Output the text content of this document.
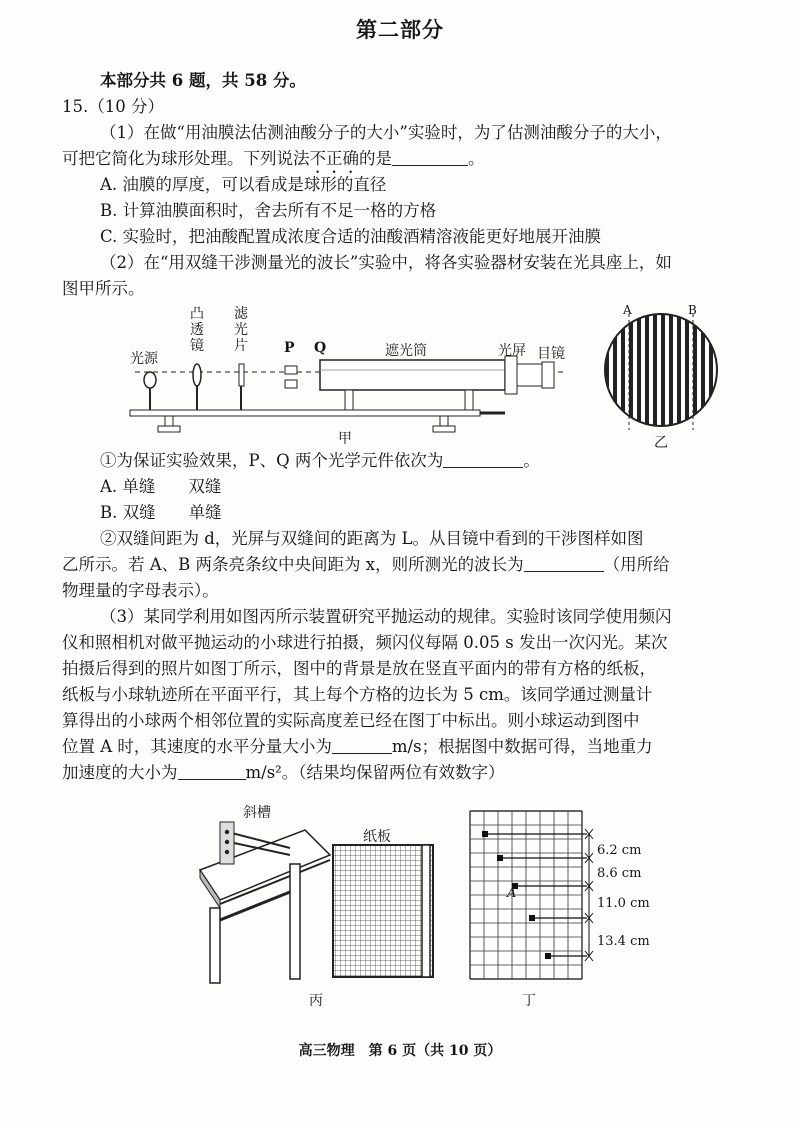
第二部分
本部分共 6 题，共 58 分。
15.（10 分）
（1）在做“用油膜法估测油酸分子的大小”实验时，为了估测油酸分子的大小，
可把它简化为球形处理。下列说法不正确的是	。
A. 油膜的厚度，可以看成是球形的直径
B. 计算油膜面积时，舍去所有不足一格的方格
C. 实验时，把油酸配置成浓度合适的油酸酒精溶液能更好地展开油膜
（2）在“用双缝干涉测量光的波长”实验中，将各实验器材安装在光具座上，如
图甲所示。
光源
凸透镜
滤光片	P Q	遮光筒	光屏 目镜
甲
A	B
乙
①为保证实验效果，P、Q 两个光学元件依次为	。
A. 单缝　　双缝
B. 双缝　　单缝
②双缝间距为 d，光屏与双缝间的距离为 L。从目镜中看到的干涉图样如图
乙所示。若 A、B 两条亮条纹中央间距为 x，则所测光的波长为	（用所给
物理量的字母表示）。
（3）某同学利用如图丙所示装置研究平抛运动的规律。实验时该同学使用频闪
仪和照相机对做平抛运动的小球进行拍摄，频闪仪每隔 0.05 s 发出一次闪光。某次
拍摄后得到的照片如图丁所示，图中的背景是放在竖直平面内的带有方格的纸板，
纸板与小球轨迹所在平面平行，其上每个方格的边长为 5 cm。该同学通过测量计
算得出的小球两个相邻位置的实际高度差已经在图丁中标出。则小球运动到图中
位置 A 时，其速度的水平分量大小为	m/s；根据图中数据可得，当地重力
加速度的大小为	m/s²。（结果均保留两位有效数字）
斜槽
纸板
丙
A
6.2 cm
8.6 cm
11.0 cm
13.4 cm
丁
高三物理　第 6 页（共 10 页）
